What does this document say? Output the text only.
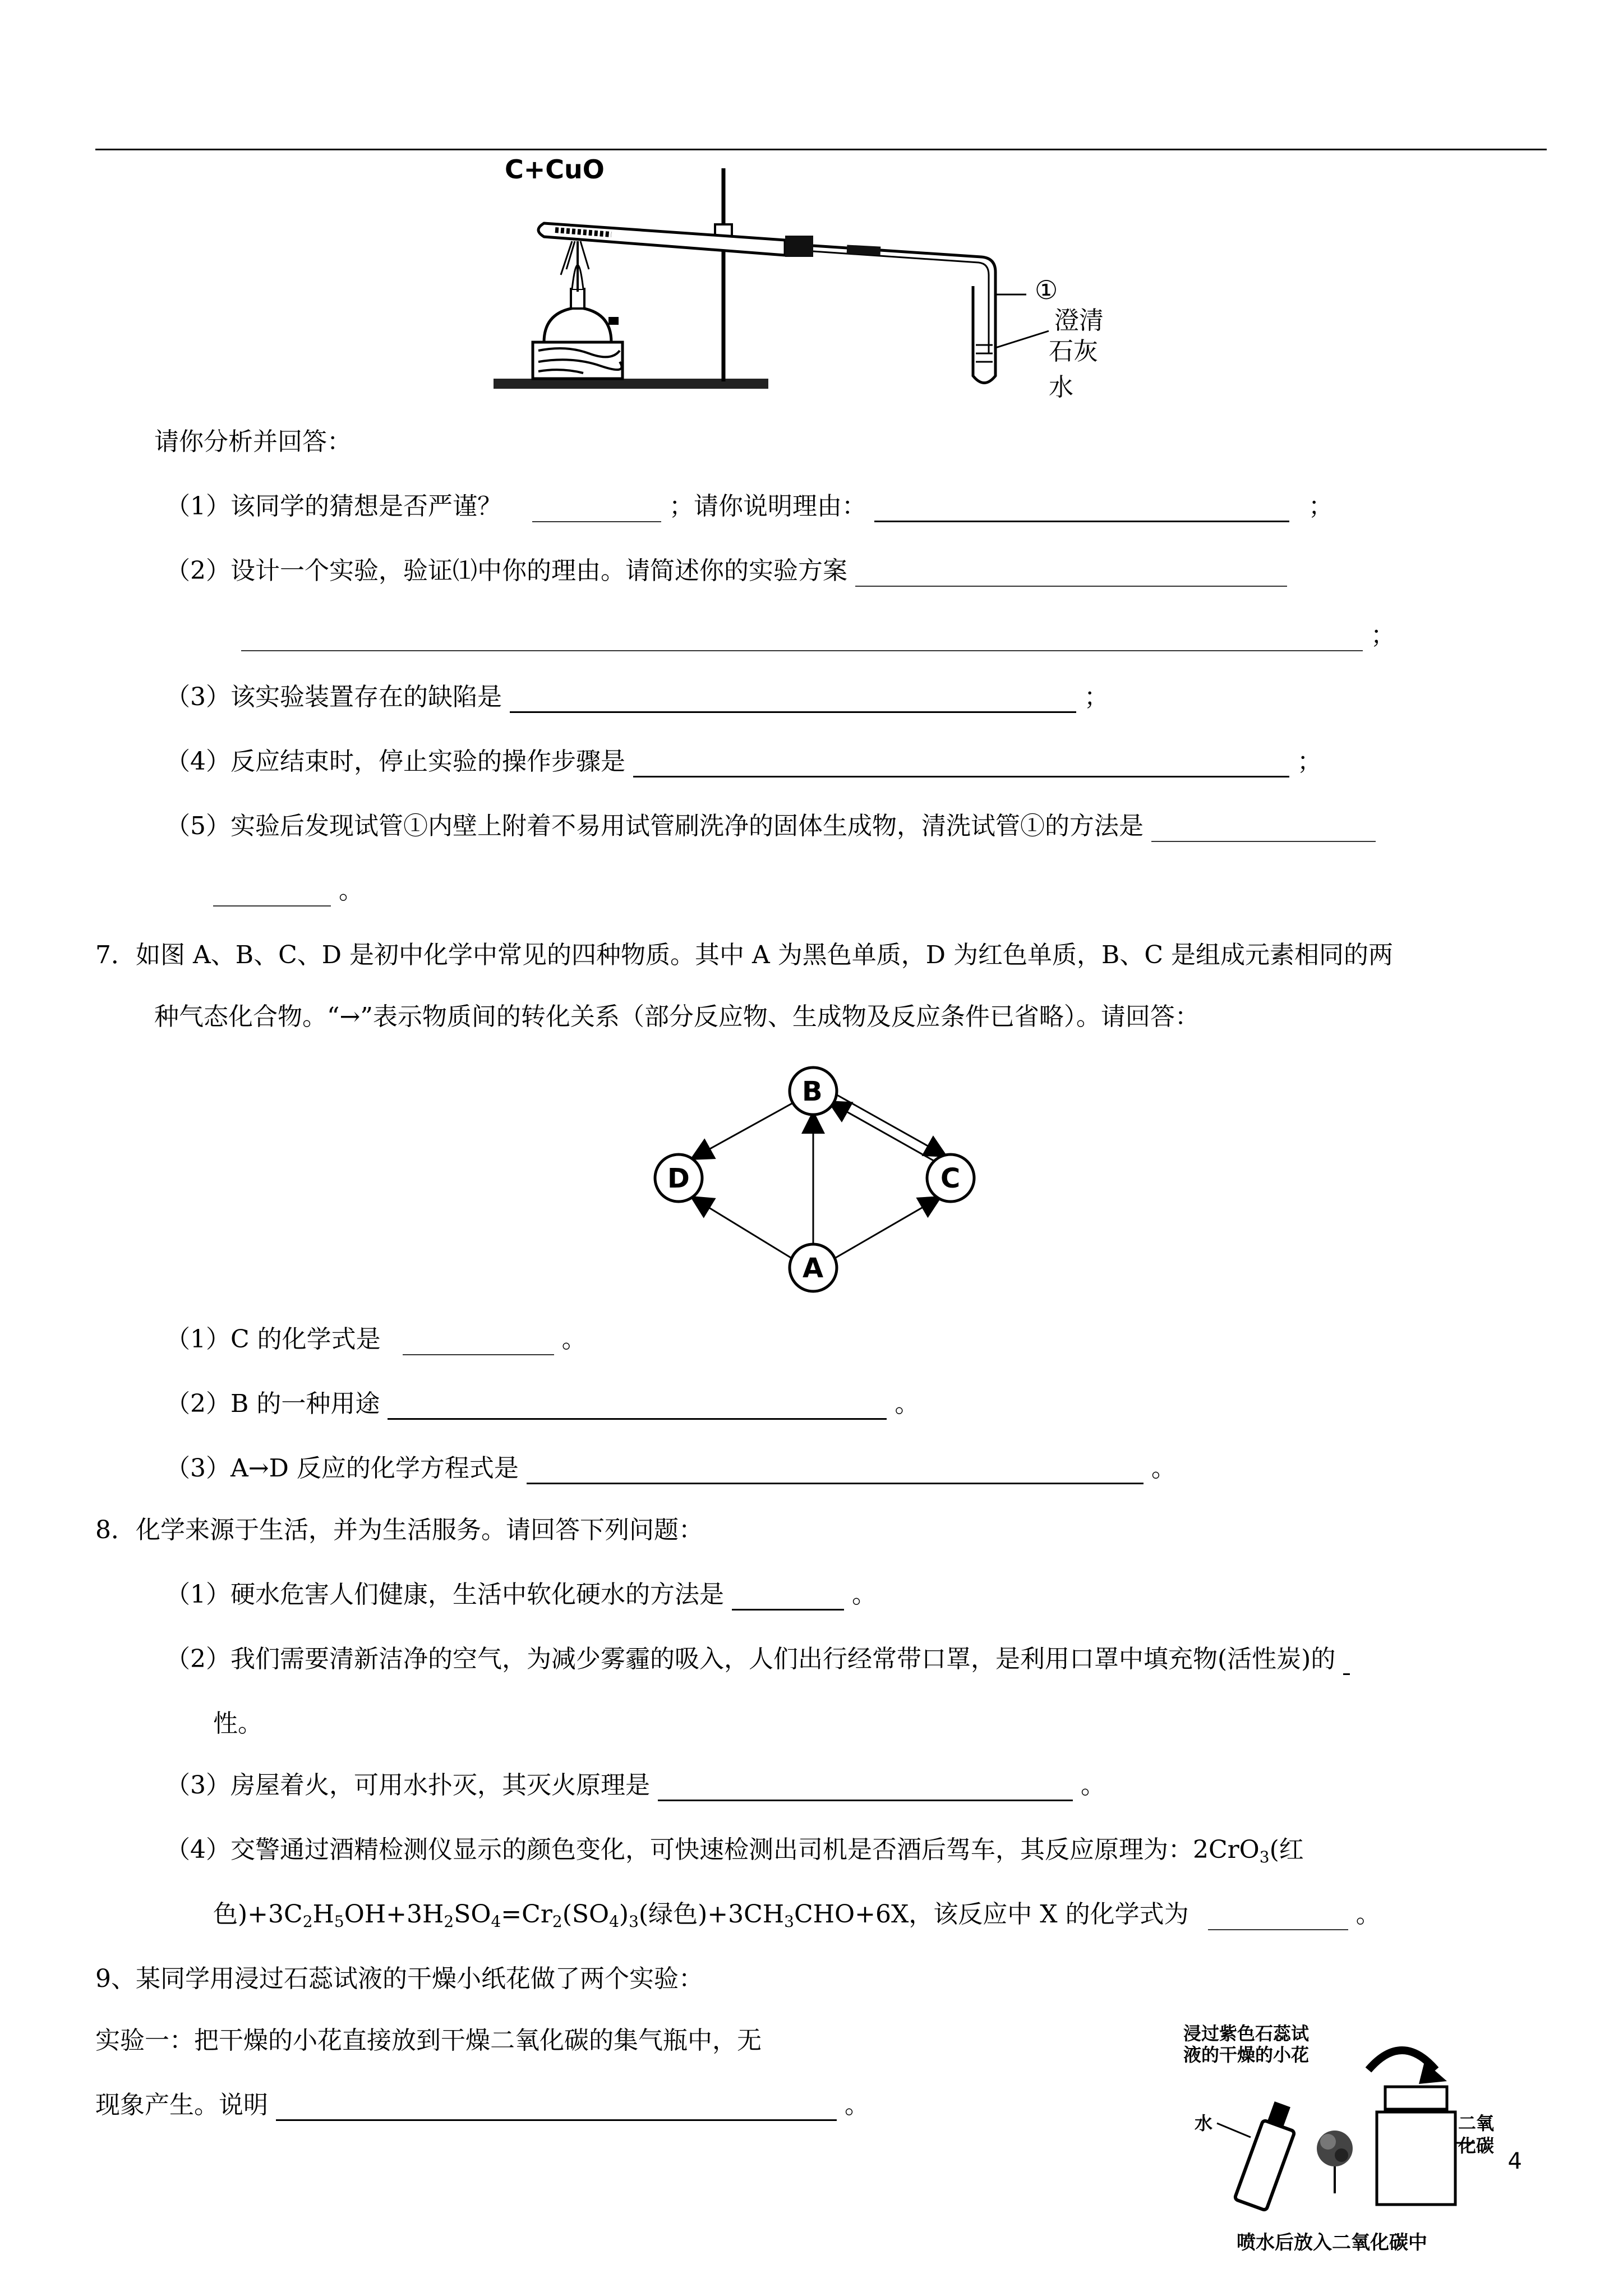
C+CuO
①
澄清
石灰水
请你分析并回答：
（1）该同学的猜想是否严谨？	；请你说明理由：	；
（2）设计一个实验，验证⑴中你的理由。请简述你的实验方案
；
（3）该实验装置存在的缺陷是	；
（4）反应结束时，停止实验的操作步骤是	；
（5）实验后发现试管①内壁上附着不易用试管刷洗净的固体生成物，清洗试管①的方法是
。
7．如图 A、B、C、D 是初中化学中常见的四种物质。其中 A 为黑色单质，D 为红色单质，B、C 是组成元素相同的两
种气态化合物。“→”表示物质间的转化关系（部分反应物、生成物及反应条件已省略）。请回答：
B
D	C
A
（1）C 的化学式是	。
（2）B 的一种用途	。
（3）A→D 反应的化学方程式是	。
8．化学来源于生活，并为生活服务。请回答下列问题：
（1）硬水危害人们健康，生活中软化硬水的方法是	。
（2）我们需要清新洁净的空气，为减少雾霾的吸入，人们出行经常带口罩，是利用口罩中填充物(活性炭)的
性。
（3）房屋着火，可用水扑灭，其灭火原理是	。
（4）交警通过酒精检测仪显示的颜色变化，可快速检测出司机是否酒后驾车，其反应原理为：2CrO$_3$(红
色)$+3C_2H_5OH+3H_2SO_4=Cr_2(SO_4)_3$(绿色)$+3CH_3CHO+6X$，该反应中 X 的化学式为	。
9、某同学用浸过石蕊试液的干燥小纸花做了两个实验：
实验一：把干燥的小花直接放到干燥二氧化碳的集气瓶中，无
现象产生。说明	。
浸过紫色石蕊试
液的干燥的小花
水	二氧
化碳
喷水后放入二氧化碳中
4
